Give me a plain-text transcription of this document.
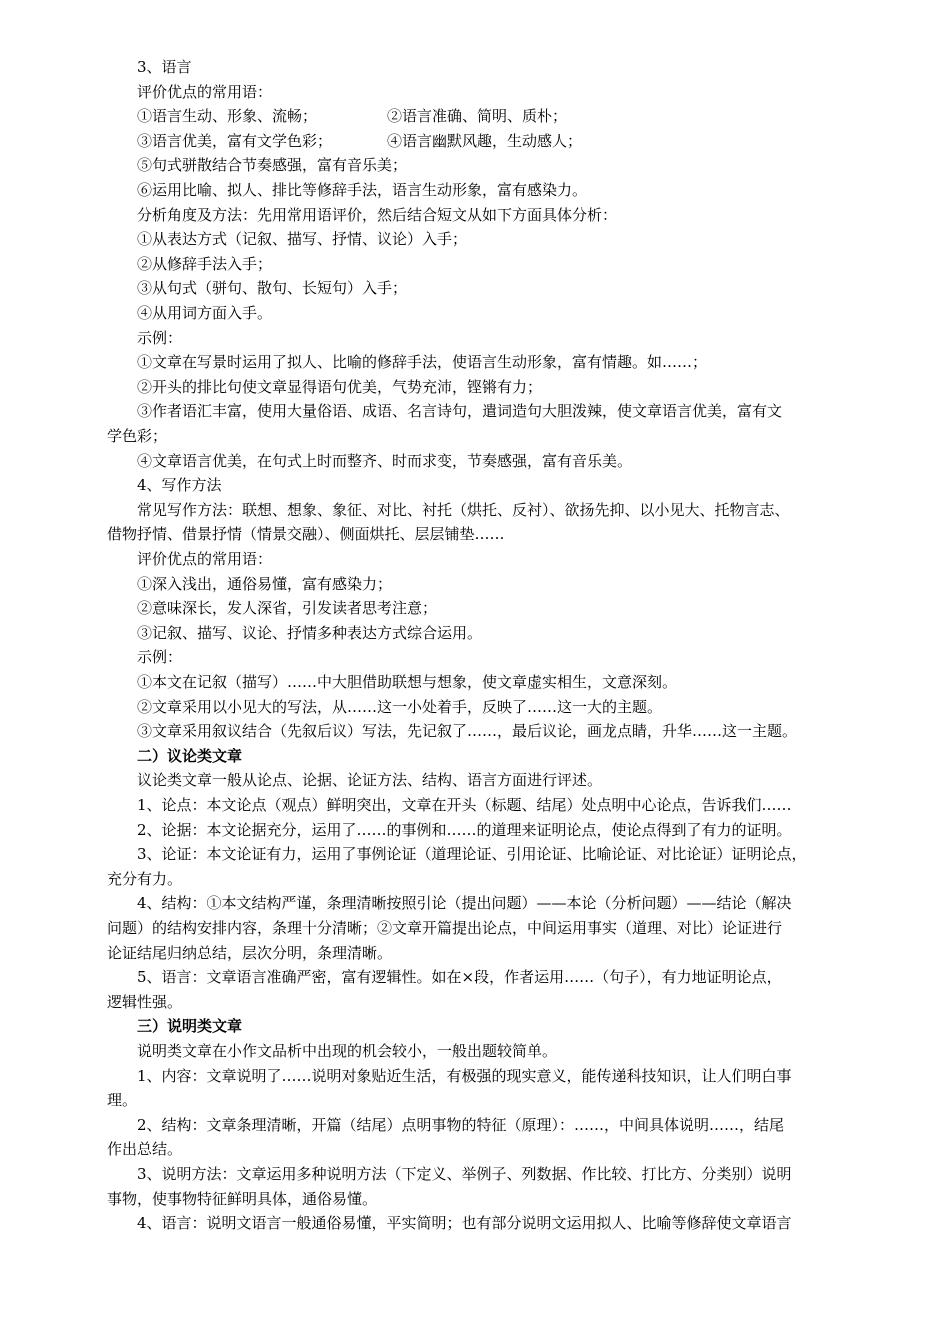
3、语言
评价优点的常用语：
①语言生动、形象、流畅；	②语言准确、简明、质朴；
③语言优美，富有文学色彩；	④语言幽默风趣，生动感人；
⑤句式骈散结合节奏感强，富有音乐美；
⑥运用比喻、拟人、排比等修辞手法，语言生动形象，富有感染力。
分析角度及方法：先用常用语评价，然后结合短文从如下方面具体分析：
①从表达方式（记叙、描写、抒情、议论）入手；
②从修辞手法入手；
③从句式（骈句、散句、长短句）入手；
④从用词方面入手。
示例：
①文章在写景时运用了拟人、比喻的修辞手法，使语言生动形象，富有情趣。如……；
②开头的排比句使文章显得语句优美，气势充沛，铿锵有力；
③作者语汇丰富，使用大量俗语、成语、名言诗句，遣词造句大胆泼辣，使文章语言优美，富有文
学色彩；
④文章语言优美，在句式上时而整齐、时而求变，节奏感强，富有音乐美。
4、写作方法
常见写作方法：联想、想象、象征、对比、衬托（烘托、反衬）、欲扬先抑、以小见大、托物言志、
借物抒情、借景抒情（情景交融）、侧面烘托、层层铺垫……
评价优点的常用语：
①深入浅出，通俗易懂，富有感染力；
②意味深长，发人深省，引发读者思考注意；
③记叙、描写、议论、抒情多种表达方式综合运用。
示例：
①本文在记叙（描写）……中大胆借助联想与想象，使文章虚实相生，文意深刻。
②文章采用以小见大的写法，从……这一小处着手，反映了……这一大的主题。
③文章采用叙议结合（先叙后议）写法，先记叙了……，最后议论，画龙点睛，升华……这一主题。
二）议论类文章
议论类文章一般从论点、论据、论证方法、结构、语言方面进行评述。
1、论点：本文论点（观点）鲜明突出，文章在开头（标题、结尾）处点明中心论点，告诉我们……
2、论据：本文论据充分，运用了……的事例和……的道理来证明论点，使论点得到了有力的证明。
3、论证：本文论证有力，运用了事例论证（道理论证、引用论证、比喻论证、对比论证）证明论点，
充分有力。
4、结构：①本文结构严谨，条理清晰按照引论（提出问题）——本论（分析问题）——结论（解决
问题）的结构安排内容，条理十分清晰；②文章开篇提出论点，中间运用事实（道理、对比）论证进行
论证结尾归纳总结，层次分明，条理清晰。
5、语言：文章语言准确严密，富有逻辑性。如在×段，作者运用……（句子），有力地证明论点，
逻辑性强。
三）说明类文章
说明类文章在小作文品析中出现的机会较小，一般出题较简单。
1、内容：文章说明了……说明对象贴近生活，有极强的现实意义，能传递科技知识，让人们明白事
理。
2、结构：文章条理清晰，开篇（结尾）点明事物的特征（原理）：……，中间具体说明……，结尾
作出总结。
3、说明方法：文章运用多种说明方法（下定义、举例子、列数据、作比较、打比方、分类别）说明
事物，使事物特征鲜明具体，通俗易懂。
4、语言：说明文语言一般通俗易懂，平实简明；也有部分说明文运用拟人、比喻等修辞使文章语言
